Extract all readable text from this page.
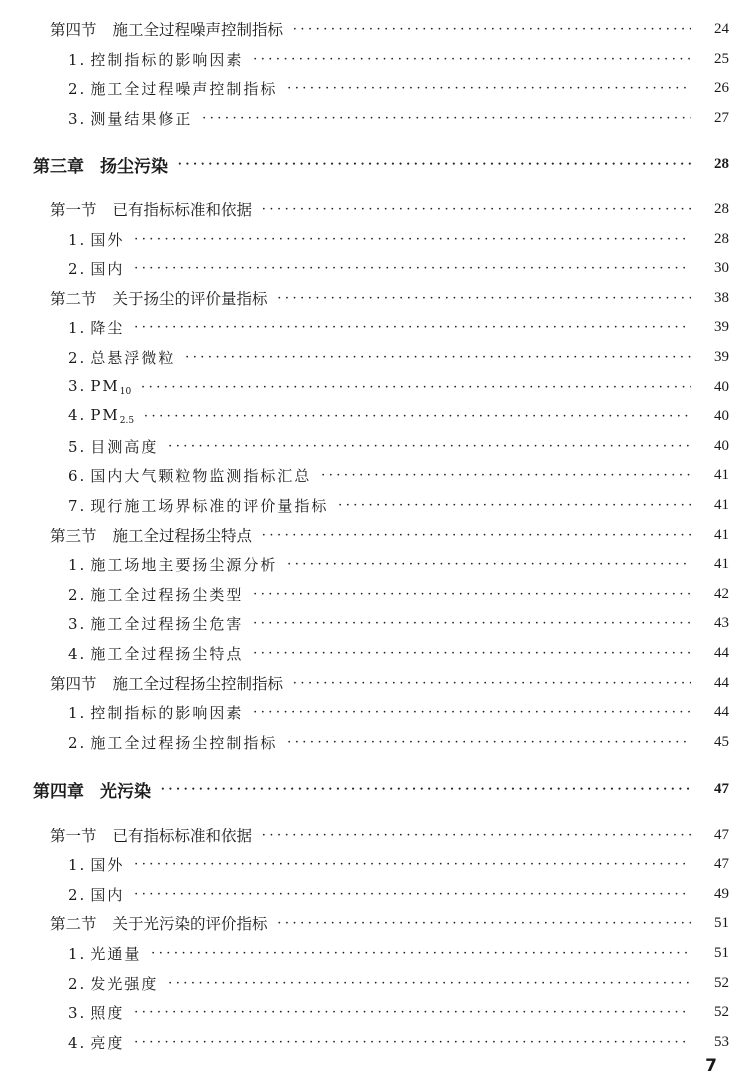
第四节 施工全过程噪声控制指标 •••••	24
1. 控制指标的影响因素 •••••	25
2. 施工全过程噪声控制指标 •••••	26
3. 测量结果修正 •••••	27
第三章 扬尘污染 •••••	28
第一节 已有指标标准和依据 •••••	28
1. 国外 •••••	28
2. 国内 •••••	30
第二节 关于扬尘的评价量指标 •••••	38
1. 降尘 •••••	39
2. 总悬浮微粒 •••••	39
3. $PM_{10}$ •••••	40
4. $PM_{2.5}$ •••••	40
5. 目测高度 •••••	40
6. 国内大气颗粒物监测指标汇总 •••••	41
7. 现行施工场界标准的评价量指标 •••••	41
第三节 施工全过程扬尘特点 •••••	41
1. 施工场地主要扬尘源分析 •••••	41
2. 施工全过程扬尘类型 •••••	42
3. 施工全过程扬尘危害 •••••	43
4. 施工全过程扬尘特点 •••••	44
第四节 施工全过程扬尘控制指标 •••••	44
1. 控制指标的影响因素 •••••	44
2. 施工全过程扬尘控制指标 •••••	45
第四章 光污染 •••••	47
第一节 已有指标标准和依据 •••••	47
1. 国外 •••••	47
2. 国内 •••••	49
第二节 关于光污染的评价指标 •••••	51
1. 光通量 •••••	51
2. 发光强度 •••••	52
3. 照度 •••••	52
4. 亮度 •••••	53
7
